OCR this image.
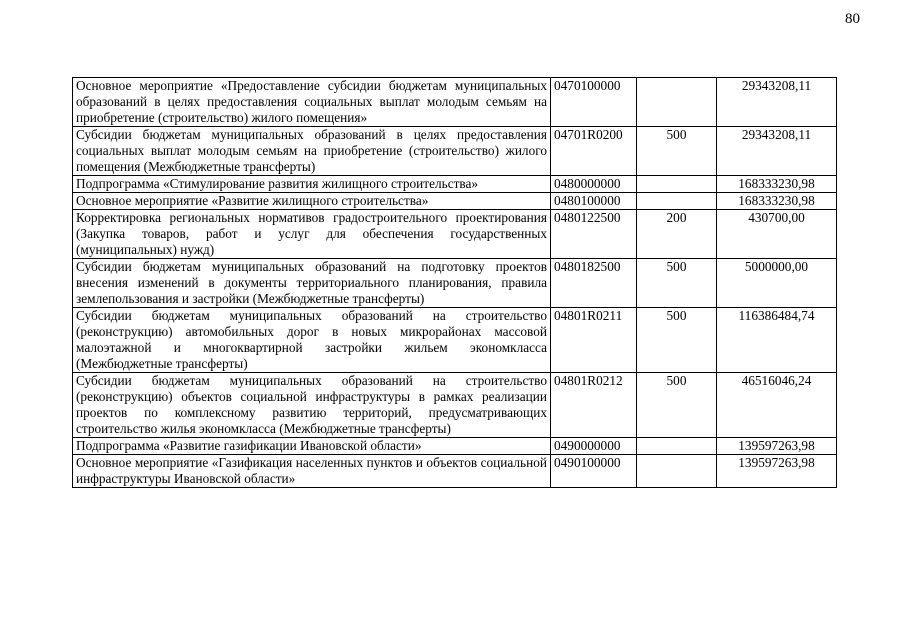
80
Основное мероприятие «Предоставление субсидии бюджетам муниципальных образований в целях предоставления социальных выплат молодым семьям на приобретение (строительство) жилого помещения»	0470100000		29343208,11
Субсидии бюджетам муниципальных образований в целях предоставления социальных выплат молодым семьям на приобретение (строительство) жилого помещения (Межбюджетные трансферты)	04701R0200	500	29343208,11
Подпрограмма «Стимулирование развития жилищного строительства»	0480000000		168333230,98
Основное мероприятие «Развитие жилищного строительства»	0480100000		168333230,98
Корректировка региональных нормативов градостроительного проектирования (Закупка товаров, работ и услуг для обеспечения государственных (муниципальных) нужд)	0480122500	200	430700,00
Субсидии бюджетам муниципальных образований на подготовку проектов внесения изменений в документы территориального планирования, правила землепользования и застройки (Межбюджетные трансферты)	0480182500	500	5000000,00
Субсидии бюджетам муниципальных образований на строительство (реконструкцию) автомобильных дорог в новых микрорайонах массовой малоэтажной и многоквартирной застройки жильем экономкласса (Межбюджетные трансферты)	04801R0211	500	116386484,74
Субсидии бюджетам муниципальных образований на строительство (реконструкцию) объектов социальной инфраструктуры в рамках реализации проектов по комплексному развитию территорий, предусматривающих строительство жилья экономкласса (Межбюджетные трансферты)	04801R0212	500	46516046,24
Подпрограмма «Развитие газификации Ивановской области»	0490000000		139597263,98
Основное мероприятие «Газификация населенных пунктов и объектов социальной инфраструктуры Ивановской области»	0490100000		139597263,98
